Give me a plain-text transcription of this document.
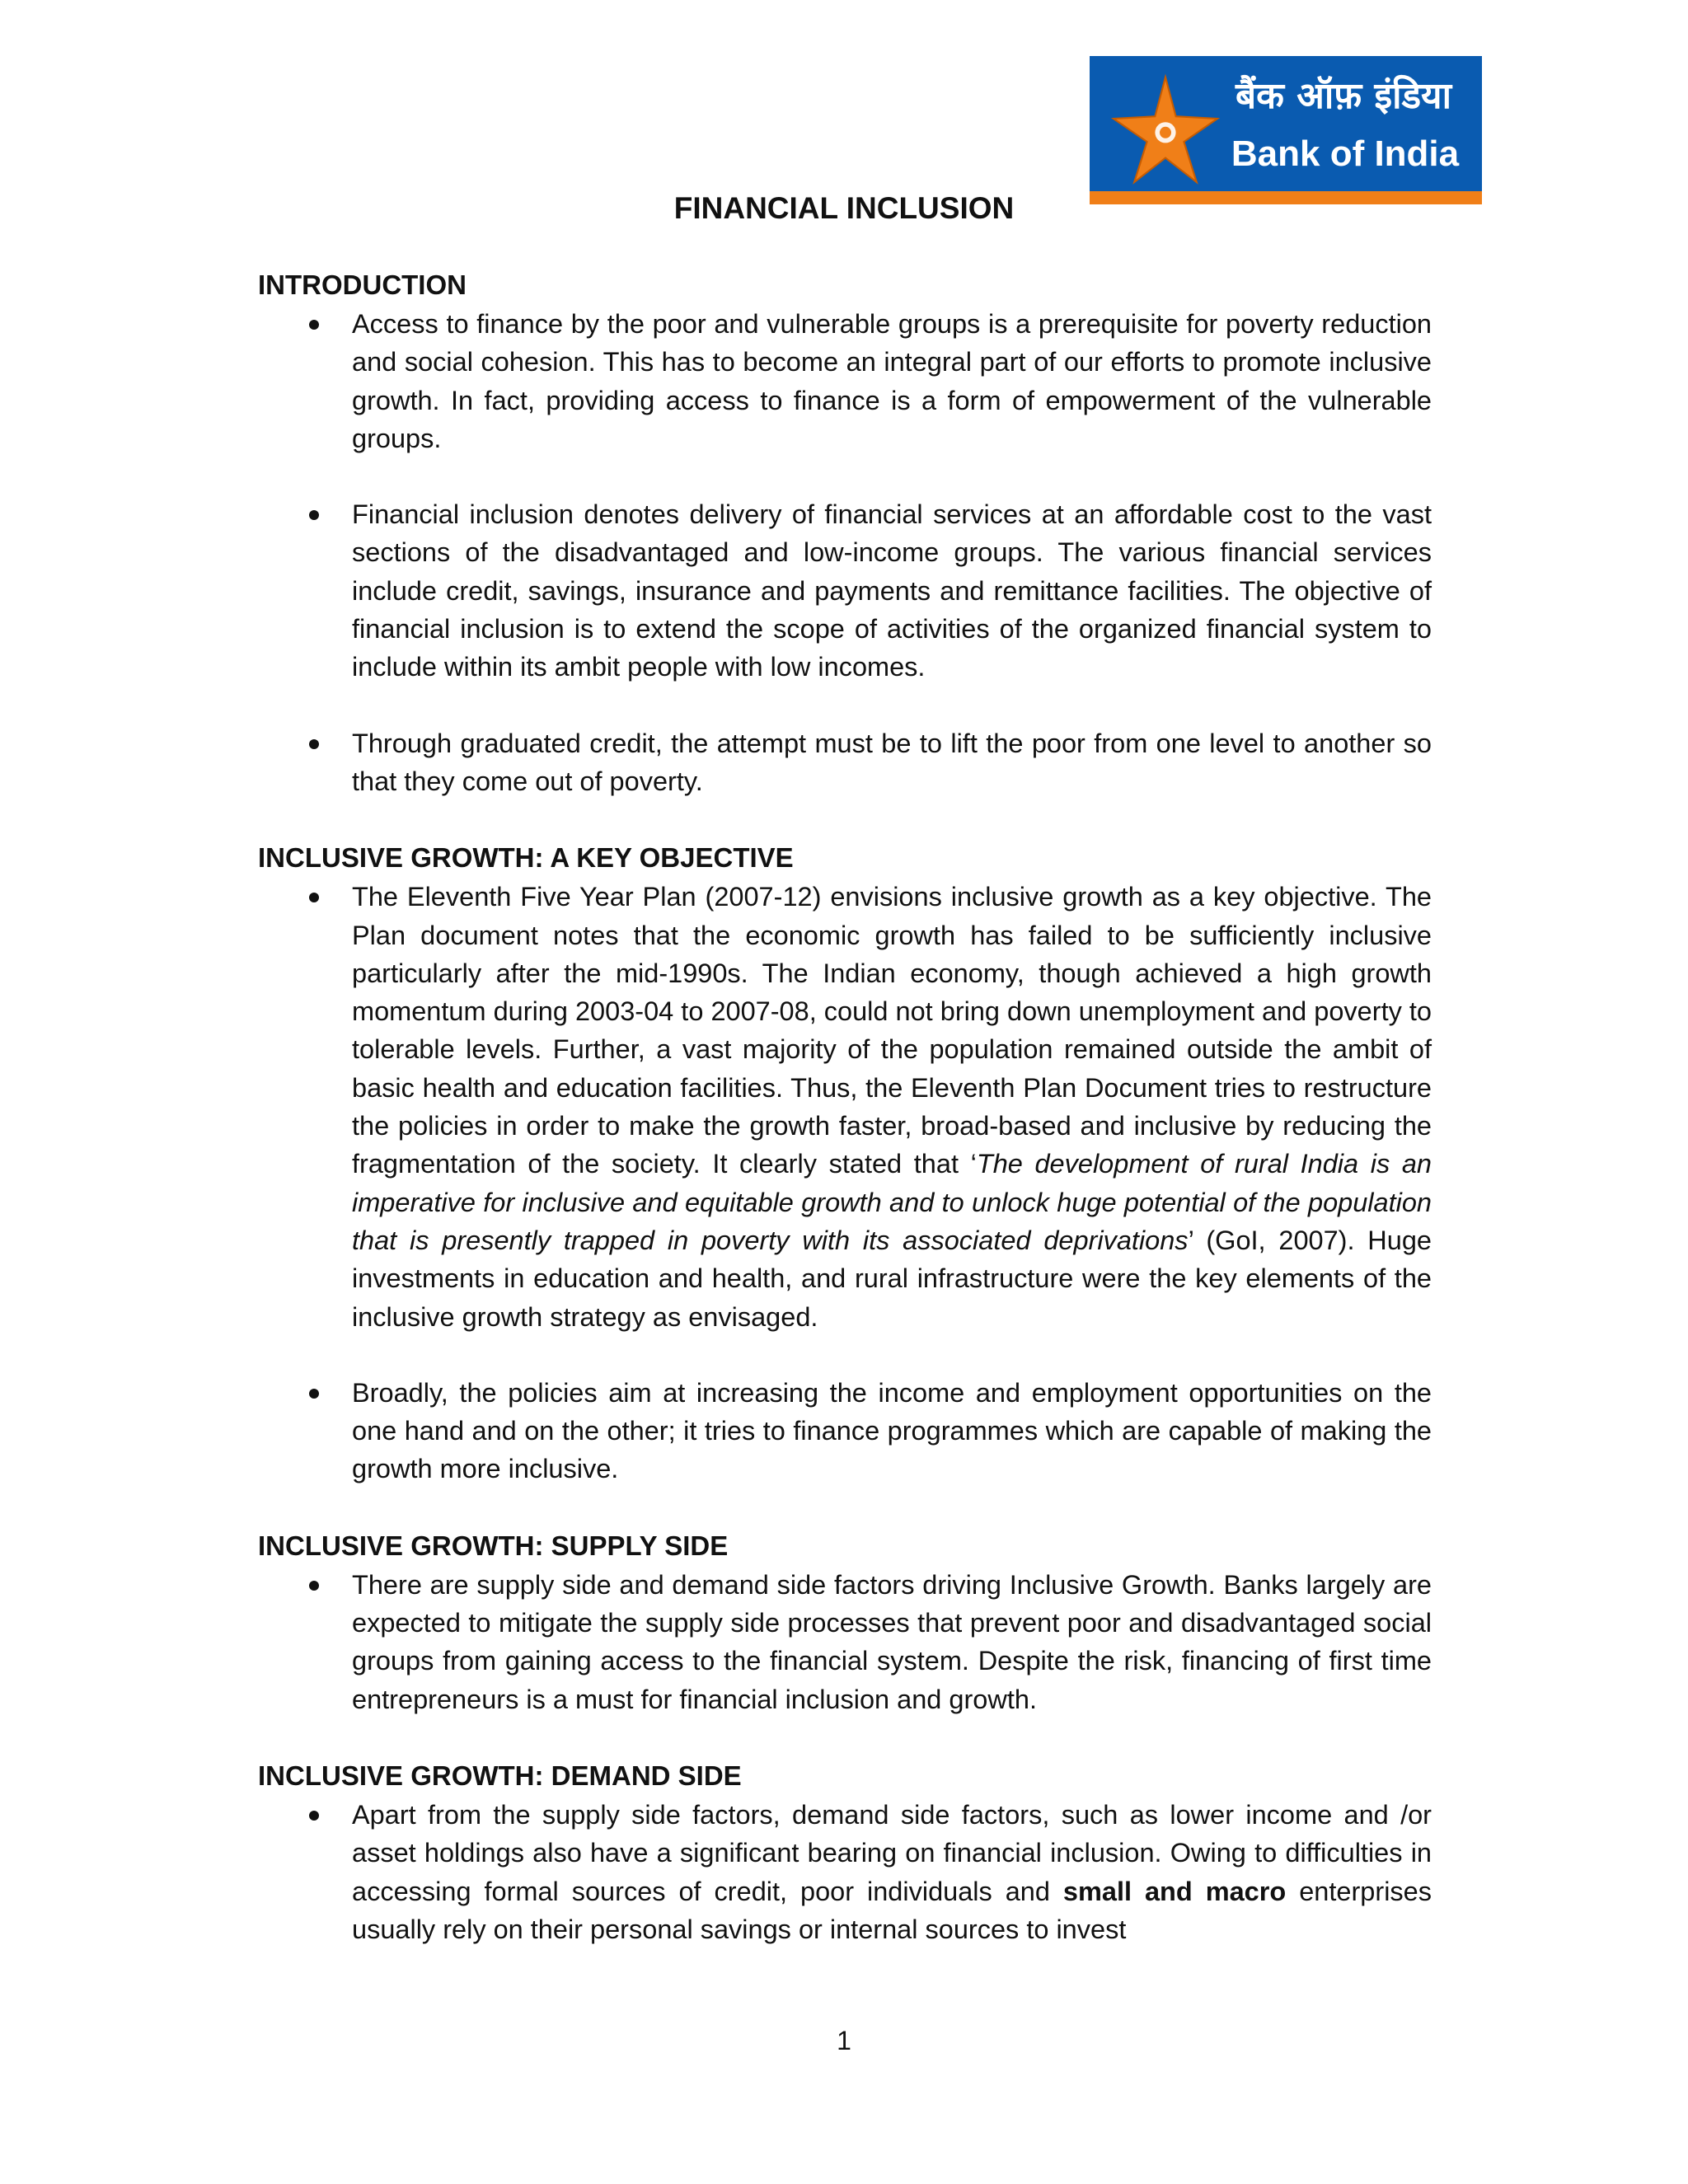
बैंक ऑफ़ इंडिया
Bank of India
FINANCIAL INCLUSION

INTRODUCTION

Access to finance by the poor and vulnerable groups is a prerequisite for poverty reduction and social cohesion. This has to become an integral part of our efforts to promote inclusive growth. In fact, providing access to finance is a form of empowerment of the vulnerable groups.
Financial inclusion denotes delivery of financial services at an affordable cost to the vast sections of the disadvantaged and low-income groups. The various financial services include credit, savings, insurance and payments and remittance facilities. The objective of financial inclusion is to extend the scope of activities of the organized financial system to include within its ambit people with low incomes.
Through graduated credit, the attempt must be to lift the poor from one level to another so that they come out of poverty.

INCLUSIVE GROWTH: A KEY OBJECTIVE

The Eleventh Five Year Plan (2007-12) envisions inclusive growth as a key objective. The Plan document notes that the economic growth has failed to be sufficiently inclusive particularly after the mid-1990s. The Indian economy, though achieved a high growth momentum during 2003-04 to 2007-08, could not bring down unemployment and poverty to tolerable levels. Further, a vast majority of the population remained outside the ambit of basic health and education facilities. Thus, the Eleventh Plan Document tries to restructure the policies in order to make the growth faster, broad-based and inclusive by reducing the fragmentation of the society. It clearly stated that ‘The development of rural India is an imperative for inclusive and equitable growth and to unlock huge potential of the population that is presently trapped in poverty with its associated deprivations’ (GoI, 2007). Huge investments in education and health, and rural infrastructure were the key elements of the inclusive growth strategy as envisaged.
Broadly, the policies aim at increasing the income and employment opportunities on the one hand and on the other; it tries to finance programmes which are capable of making the growth more inclusive.

INCLUSIVE GROWTH: SUPPLY SIDE

There are supply side and demand side factors driving Inclusive Growth. Banks largely are expected to mitigate the supply side processes that prevent poor and disadvantaged social groups from gaining access to the financial system. Despite the risk, financing of first time entrepreneurs is a must for financial inclusion and growth.

INCLUSIVE GROWTH: DEMAND SIDE

Apart from the supply side factors, demand side factors, such as lower income and /or asset holdings also have a significant bearing on financial inclusion. Owing to difficulties in accessing formal sources of credit, poor individuals and small and macro enterprises usually rely on their personal savings or internal sources to invest
1
